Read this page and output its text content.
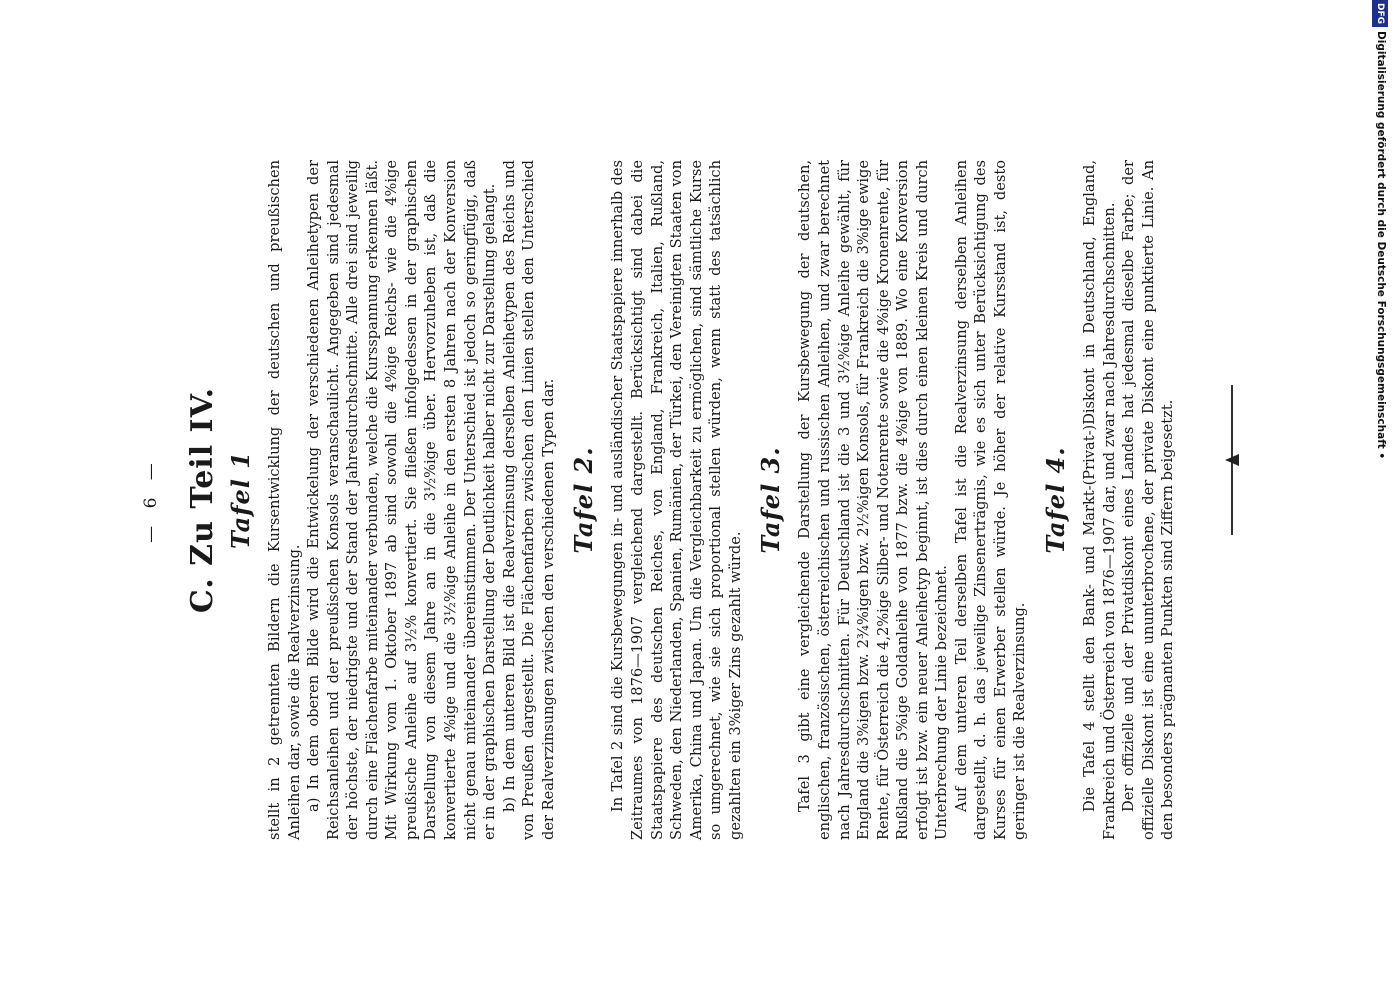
— 6 — C. Zu Teil IV. Tafel 1 stellt in 2 getrennten Bildern die Kursentwicklung der deutschen und preußischen Anleihen dar, sowie die Realverzinsung. a) In dem oberen Bilde wird die Entwickelung der verschiedenen Anleihetypen der Reichsanleihen und der preußischen Konsols veranschaulicht. Angegeben sind jedesmal der höchste, der niedrigste und der Stand der Jahresdurchschnitte. Alle drei sind jeweilig durch eine Flächenfarbe miteinander verbunden, welche die Kursspannung erkennen läßt. Mit Wirkung vom 1. Oktober 1897 ab sind sowohl die 4%ige Reichs- wie die 4%ige preußische Anleihe auf 3½% konvertiert. Sie fließen infolgedessen in der graphischen Darstellung von diesem Jahre an in die 3½%ige über. Hervorzuheben ist, daß die konvertierte 4%ige und die 3½%ige Anleihe in den ersten 8 Jahren nach der Konversion nicht genau miteinander übereinstimmen. Der Unterschied ist jedoch so geringfügig, daß er in der graphischen Darstellung der Deutlichkeit halber nicht zur Darstellung gelangt. b) In dem unteren Bild ist die Realverzinsung derselben Anleihetypen des Reichs und von Preußen dargestellt. Die Flächenfarben zwischen den Linien stellen den Unterschied der Realverzinsungen zwischen den verschiedenen Typen dar. Tafel 2. In Tafel 2 sind die Kursbewegungen in- und ausländischer Staatspapiere innerhalb des Zeitraumes von 1876—1907 vergleichend dargestellt. Berücksichtigt sind dabei die Staatspapiere des deutschen Reiches, von England, Frankreich, Italien, Rußland, Schweden, den Niederlanden, Spanien, Rumänien, der Türkei, den Vereinigten Staaten von Amerika, China und Japan. Um die Vergleichbarkeit zu ermöglichen, sind sämtliche Kurse so umgerechnet, wie sie sich proportional stellen würden, wenn statt des tatsächlich gezahlten ein 3%iger Zins gezahlt würde.

Tafel 3. Tafel 3 gibt eine vergleichende Darstellung der Kursbewegung der deutschen, englischen, französischen, österreichischen und russischen Anleihen, und zwar berechnet nach Jahresdurchschnitten. Für Deutschland ist die 3 und 3½%ige Anleihe gewählt, für England die 3%igen bzw. 2¾%igen bzw. 2½%igen Konsols, für Frankreich die 3%ige ewige Rente, für Österreich die 4,2%ige Silber- und Notenrente sowie die 4%ige Kronenrente, für Rußland die 5%ige Goldanleihe von 1877 bzw. die 4%ige von 1889. Wo eine Konversion erfolgt ist bzw. ein neuer Anleihetyp beginnt, ist dies durch einen kleinen Kreis und durch Unterbrechung der Linie bezeichnet. Auf dem unteren Teil derselben Tafel ist die Realverzinsung derselben Anleihen dargestellt, d. h. das jeweilige Zinsenerträgnis, wie es sich unter Berücksichtigung des Kurses für einen Erwerber stellen würde. Je höher der relative Kursstand ist, desto geringer ist die Realverzinsung.

Tafel 4. Die Tafel 4 stellt den Bank- und Markt-(Privat-)Diskont in Deutschland, England, Frankreich und Österreich von 1876—1907 dar, und zwar nach Jahresdurchschnitten. Der offizielle und der Privatdiskont eines Landes hat jedesmal dieselbe Farbe; der offizielle Diskont ist eine ununterbrochene, der private Diskont eine punktierte Linie. An den besonders prägnanten Punkten sind Ziffern beigesetzt.

DFGDigitalisierung gefördert durch die Deutsche Forschungsgemeinschaft •
